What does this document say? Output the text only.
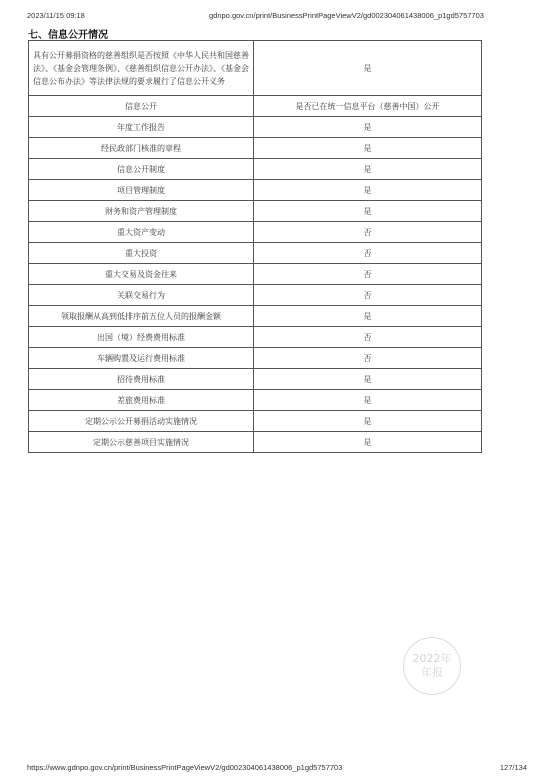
2023/11/15 09:18	gdnpo.gov.cn/print/BusinessPrintPageViewV2/gd002304061438006_p1gd5757703
七、信息公开情况
具有公开募捐资格的慈善组织是否按照《中华人民共和国慈善法》、《基金会管理条例》、《慈善组织信息公开办法》、《基金会信息公布办法》等法律法规的要求履行了信息公开义务	是
信息公开	是否已在统一信息平台（慈善中国）公开
年度工作报告	是
经民政部门核准的章程	是
信息公开制度	是
项目管理制度	是
财务和资产管理制度	是
重大资产变动	否
重大投资	否
重大交易及资金往来	否
关联交易行为	否
领取报酬从高到低排序前五位人员的报酬金额	是
出国（境）经费费用标准	否
车辆购置及运行费用标准	否
招待费用标准	是
差旅费用标准	是
定期公示公开募捐活动实施情况	是
定期公示慈善项目实施情况	是
2022年
年报
https://www.gdnpo.gov.cn/print/BusinessPrintPageViewV2/gd002304061438006_p1gd5757703	127/134
